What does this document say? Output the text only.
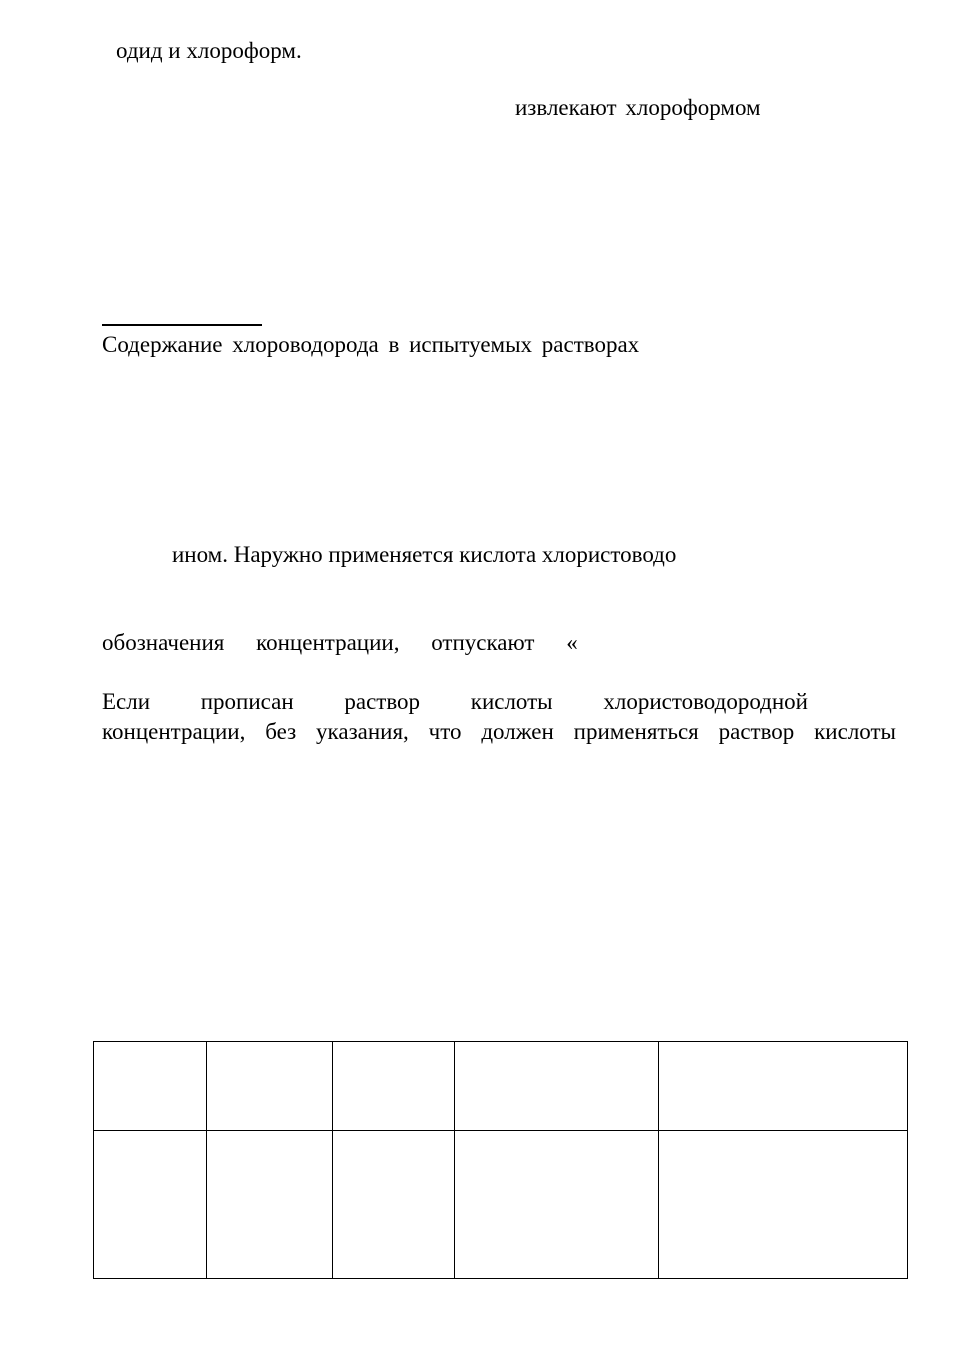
одид и хлороформ.
извлекают хлороформом
Содержание хлороводорода в испытуемых растворах
ином. Наружно применяется кислота хлористоводо
обозначения концентрации, отпускают «
Если прописан раствор кислоты хлористоводородной
концентрации, без указания, что должен применяться раствор кислоты
